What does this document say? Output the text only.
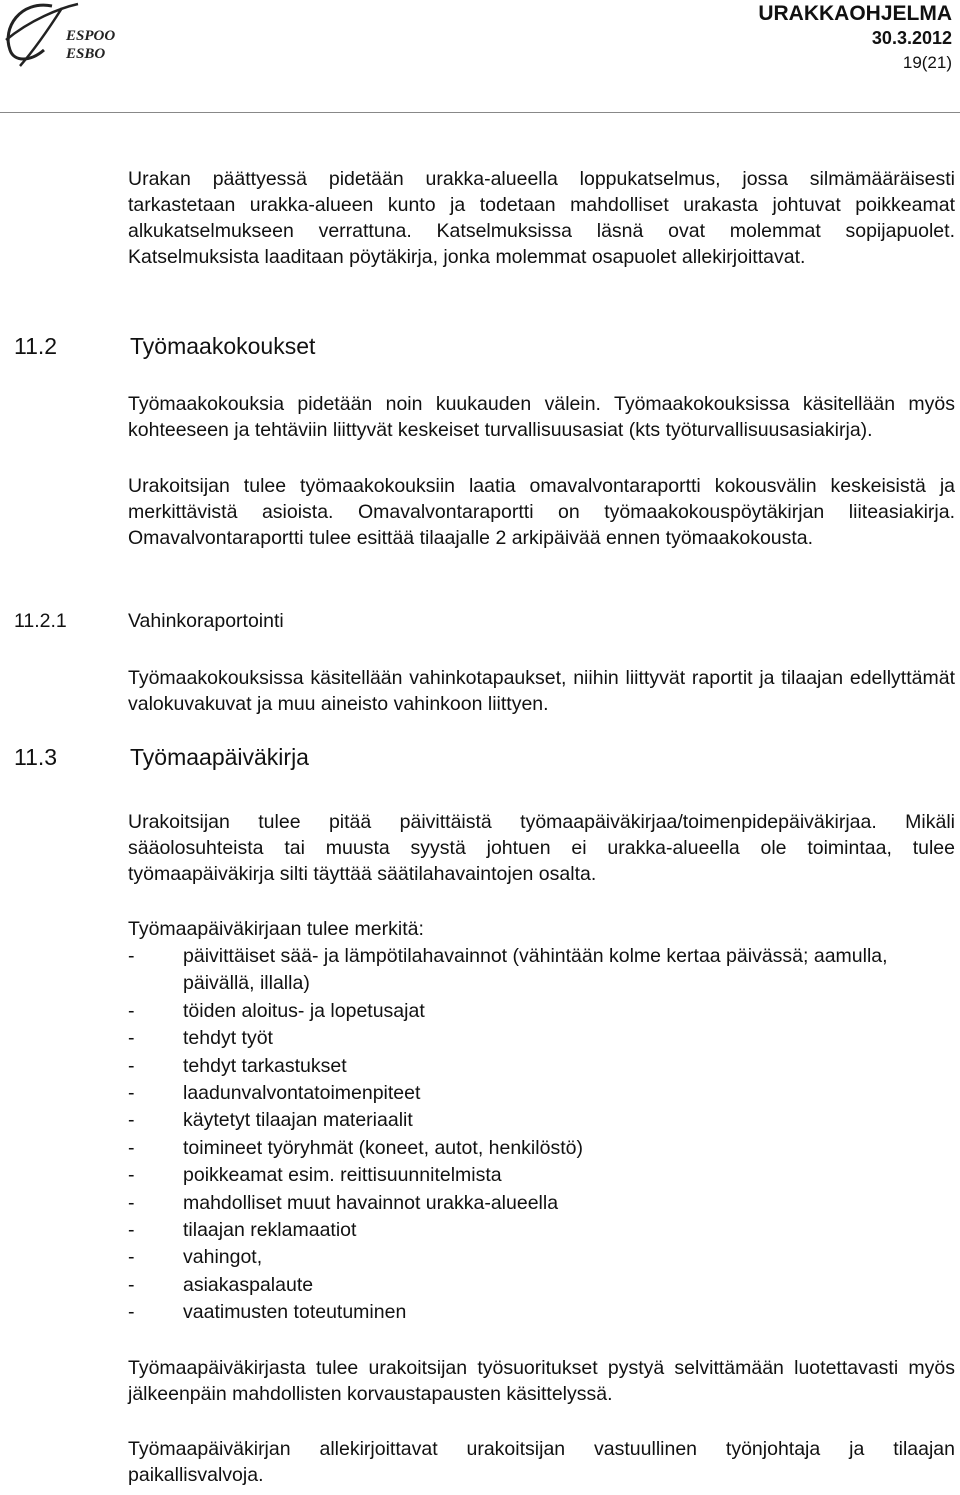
ESPOO
ESBO
URAKKAOHJELMA
30.3.2012
19(21)

Urakan päättyessä pidetään urakka-alueella loppukatselmus, jossa silmämääräisesti tarkastetaan urakka-alueen kunto ja todetaan mahdolliset urakasta johtuvat poikkeamat alkukatselmukseen verrattuna. Katselmuksissa läsnä ovat molemmat sopijapuolet. Katselmuksista laaditaan pöytäkirja, jonka molemmat osapuolet allekirjoittavat.

11.2	Työmaakokoukset

Työmaakokouksia pidetään noin kuukauden välein. Työmaakokouksissa käsitellään myös kohteeseen ja tehtäviin liittyvät keskeiset turvallisuusasiat (kts työturvallisuusasiakirja).

Urakoitsijan tulee työmaakokouksiin laatia omavalvontaraportti kokousvälin keskeisistä ja merkittävistä asioista. Omavalvontaraportti on työmaakokouspöytäkirjan liiteasiakirja. Omavalvontaraportti tulee esittää tilaajalle 2 arkipäivää ennen työmaakokousta.

11.2.1	Vahinkoraportointi

Työmaakokouksissa käsitellään vahinkotapaukset, niihin liittyvät raportit ja tilaajan edellyttämät valokuvakuvat ja muu aineisto vahinkoon liittyen.

11.3	Työmaapäiväkirja

Urakoitsijan tulee pitää päivittäistä työmaapäiväkirjaa/toimenpidepäiväkirjaa. Mikäli sääolosuhteista tai muusta syystä johtuen ei urakka-alueella ole toimintaa, tulee työmaapäiväkirja silti täyttää säätilahavaintojen osalta.

Työmaapäiväkirjaan tulee merkitä:

- päivittäiset sää- ja lämpötilahavainnot (vähintään kolme kertaa päivässä; aamulla, päivällä, illalla)
- töiden aloitus- ja lopetusajat
- tehdyt työt
- tehdyt tarkastukset
- laadunvalvontatoimenpiteet
- käytetyt tilaajan materiaalit
- toimineet työryhmät (koneet, autot, henkilöstö)
- poikkeamat esim. reittisuunnitelmista
- mahdolliset muut havainnot urakka-alueella
- tilaajan reklamaatiot
- vahingot,
- asiakaspalaute
- vaatimusten toteutuminen

Työmaapäiväkirjasta tulee urakoitsijan työsuoritukset pystyä selvittämään luotettavasti myös jälkeenpäin mahdollisten korvaustapausten käsittelyssä.

Työmaapäiväkirjan allekirjoittavat urakoitsijan vastuullinen työnjohtaja ja tilaajan paikallisvalvoja.
